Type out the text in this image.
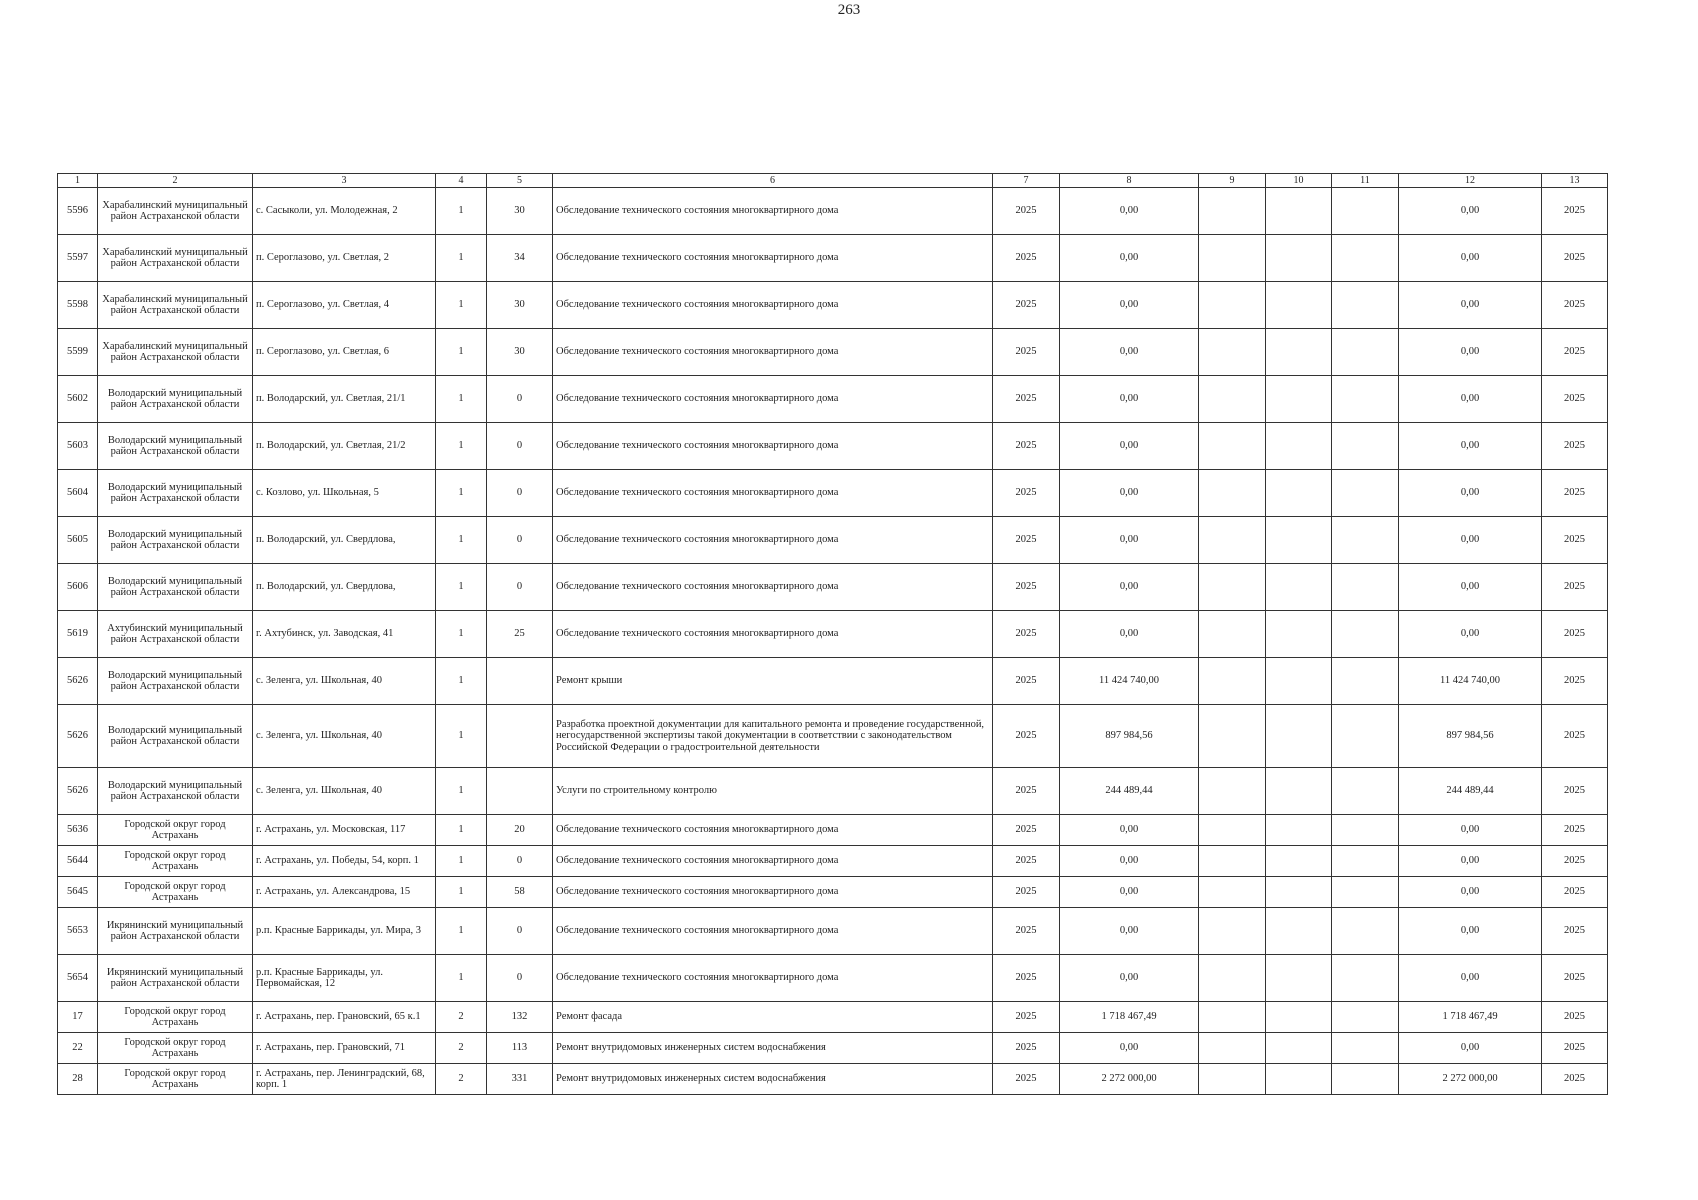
263
1	2	3	4	5	6	7	8	9	10	11	12	13
5596	Харабалинский муниципальный район Астраханской области	с. Сасыколи, ул. Молодежная, 2	1	30	Обследование технического состояния многоквартирного дома	2025	0,00				0,00	2025
5597	Харабалинский муниципальный район Астраханской области	п. Сероглазово, ул. Светлая, 2	1	34	Обследование технического состояния многоквартирного дома	2025	0,00				0,00	2025
5598	Харабалинский муниципальный район Астраханской области	п. Сероглазово, ул. Светлая, 4	1	30	Обследование технического состояния многоквартирного дома	2025	0,00				0,00	2025
5599	Харабалинский муниципальный район Астраханской области	п. Сероглазово, ул. Светлая, 6	1	30	Обследование технического состояния многоквартирного дома	2025	0,00				0,00	2025
5602	Володарский муниципальный район Астраханской области	п. Володарский, ул. Светлая, 21/1	1	0	Обследование технического состояния многоквартирного дома	2025	0,00				0,00	2025
5603	Володарский муниципальный район Астраханской области	п. Володарский, ул. Светлая, 21/2	1	0	Обследование технического состояния многоквартирного дома	2025	0,00				0,00	2025
5604	Володарский муниципальный район Астраханской области	с. Козлово, ул. Школьная, 5	1	0	Обследование технического состояния многоквартирного дома	2025	0,00				0,00	2025
5605	Володарский муниципальный район Астраханской области	п. Володарский, ул. Свердлова,	1	0	Обследование технического состояния многоквартирного дома	2025	0,00				0,00	2025
5606	Володарский муниципальный район Астраханской области	п. Володарский, ул. Свердлова,	1	0	Обследование технического состояния многоквартирного дома	2025	0,00				0,00	2025
5619	Ахтубинский муниципальный район Астраханской области	г. Ахтубинск, ул. Заводская, 41	1	25	Обследование технического состояния многоквартирного дома	2025	0,00				0,00	2025
5626	Володарский муниципальный район Астраханской области	с. Зеленга, ул. Школьная, 40	1		Ремонт крыши	2025	11 424 740,00				11 424 740,00	2025
5626	Володарский муниципальный район Астраханской области	с. Зеленга, ул. Школьная, 40	1		Разработка проектной документации для капитального ремонта и проведение государственной, негосударственной экспертизы такой документации в соответствии с законодательством Российской Федерации о градостроительной деятельности	2025	897 984,56				897 984,56	2025
5626	Володарский муниципальный район Астраханской области	с. Зеленга, ул. Школьная, 40	1		Услуги по строительному контролю	2025	244 489,44				244 489,44	2025
5636	Городской округ город Астрахань	г. Астрахань, ул. Московская, 117	1	20	Обследование технического состояния многоквартирного дома	2025	0,00				0,00	2025
5644	Городской округ город Астрахань	г. Астрахань, ул. Победы, 54, корп. 1	1	0	Обследование технического состояния многоквартирного дома	2025	0,00				0,00	2025
5645	Городской округ город Астрахань	г. Астрахань, ул. Александрова, 15	1	58	Обследование технического состояния многоквартирного дома	2025	0,00				0,00	2025
5653	Икрянинский муниципальный район Астраханской области	р.п. Красные Баррикады, ул. Мира, 3	1	0	Обследование технического состояния многоквартирного дома	2025	0,00				0,00	2025
5654	Икрянинский муниципальный район Астраханской области	р.п. Красные Баррикады, ул. Первомайская, 12	1	0	Обследование технического состояния многоквартирного дома	2025	0,00				0,00	2025
17	Городской округ город Астрахань	г. Астрахань, пер. Грановский, 65 к.1	2	132	Ремонт фасада	2025	1 718 467,49				1 718 467,49	2025
22	Городской округ город Астрахань	г. Астрахань, пер. Грановский, 71	2	113	Ремонт внутридомовых инженерных систем водоснабжения	2025	0,00				0,00	2025
28	Городской округ город Астрахань	г. Астрахань, пер. Ленинградский, 68, корп. 1	2	331	Ремонт внутридомовых инженерных систем водоснабжения	2025	2 272 000,00				2 272 000,00	2025
